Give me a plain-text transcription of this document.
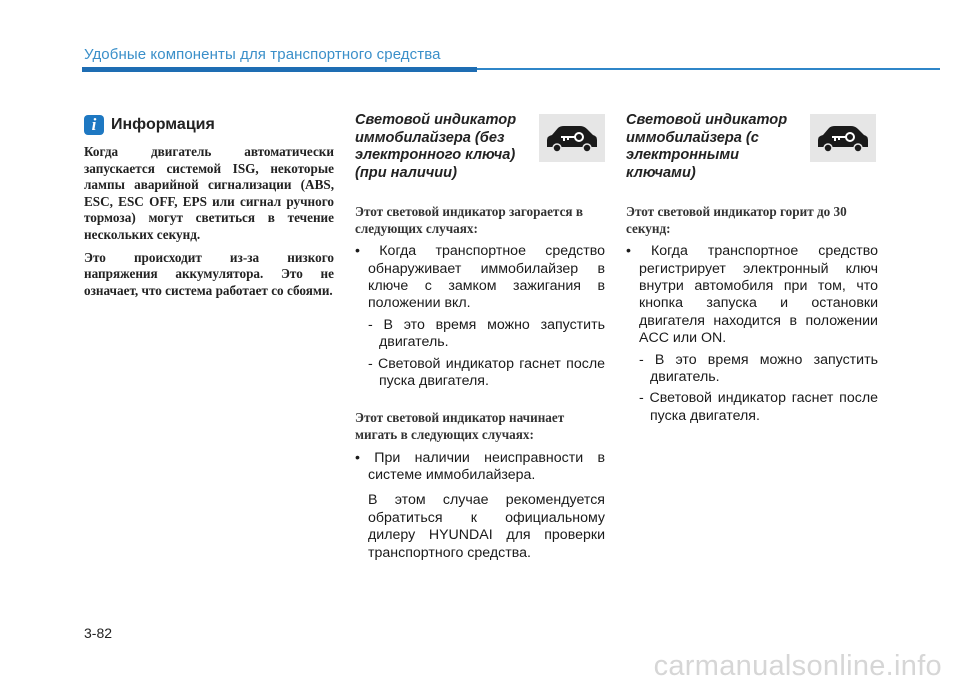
Удобные компоненты для транспортного средства
i Информация

Когда двигатель автоматически запускается системой ISG, некоторые лампы аварийной сигнализации (ABS, ESC, ESC OFF, EPS или сигнал ручного тормоза) могут светиться в течение нескольких секунд.

Это происходит из-за низкого напряжения аккумулятора. Это не означает, что система работает со сбоями.

Световой индикатор иммобилайзера (без электронного ключа) (при наличии)

Этот световой индикатор загорается в следующих случаях:

• Когда транспортное средство обнаруживает иммобилайзер в ключе с замком зажигания в положении вкл.

- В это время можно запустить двигатель.

- Световой индикатор гаснет после пуска двигателя.

Этот световой индикатор начинает мигать в следующих случаях:

• При наличии неисправности в системе иммобилайзера.

В этом случае рекомендуется обратиться к официальному дилеру HYUNDAI для проверки транспортного средства.

Световой индикатор иммобилайзера (с электронными ключами)

Этот световой индикатор горит до 30 секунд:

• Когда транспортное средство регистрирует электронный ключ внутри автомобиля при том, что кнопка запуска и остановки двигателя находится в положении ACC или ON.

- В это время можно запустить двигатель.

- Световой индикатор гаснет после пуска двигателя.

3-82
carmanualsonline.info
